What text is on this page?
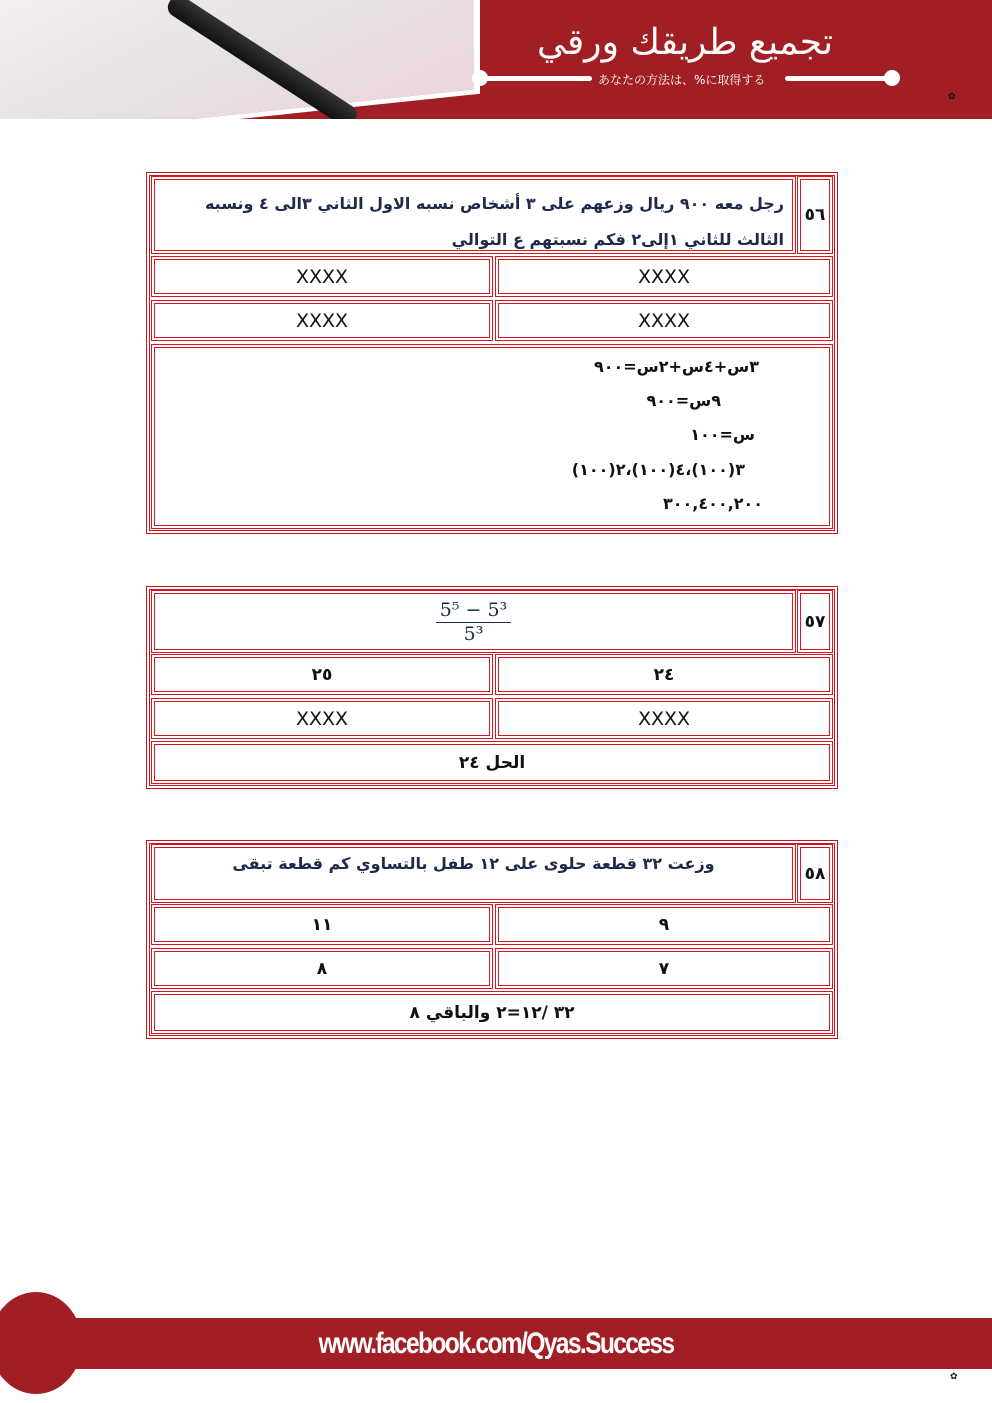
تجميع طريقك ورقي
あなたの方法は、%に取得する
✿
رجل معه ٩٠٠ ريال وزعهم على ٣ أشخاص نسبه الاول الثاني ٣الى ٤ ونسبه الثالث للثاني ١إلى٢ فكم نسبتهم ع التوالي
٥٦
XXXX
XXXX
XXXX
XXXX
٣س+٤س+٢س=٩٠٠
٩س=٩٠٠
س=١٠٠
٣(١٠٠)،٤(١٠٠)،٢(١٠٠)
٣٠٠,٤٠٠,٢٠٠
$\frac{\text{5⁵ − 5³}}{\text{5³}}$	٥٧
٢٤
٢٥
XXXX
XXXX
الحل ٢٤
وزعت ٣٢ قطعة حلوى على ١٢ طفل بالتساوي كم قطعة تبقى	٥٨
٩
١١
٧
٨
٣٢ /١٢=٢ والباقي ٨
www.facebook.com/Qyas.Success
✿
